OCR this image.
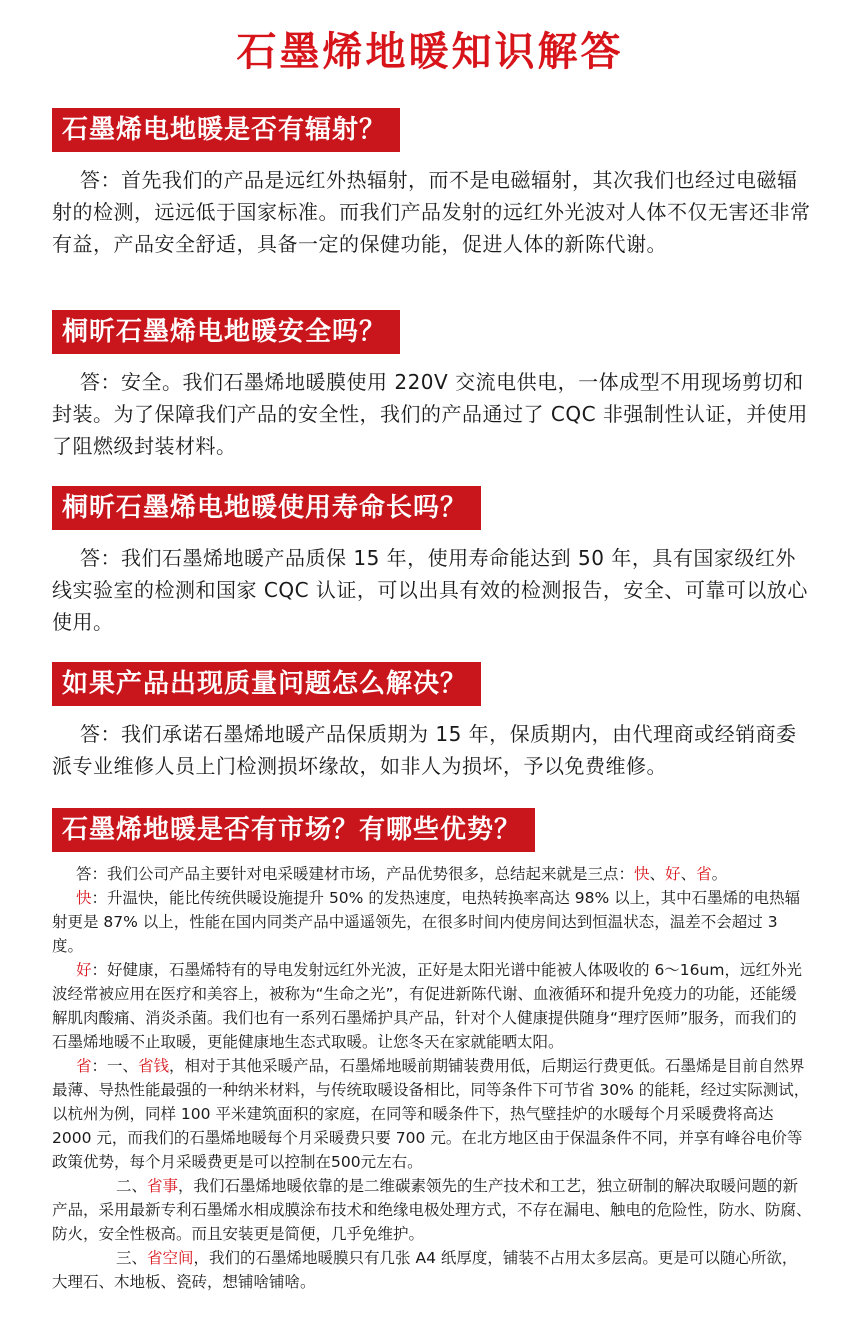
石墨烯地暖知识解答
石墨烯电地暖是否有辐射？

答：首先我们的产品是远红外热辐射，而不是电磁辐射，其次我们也经过电磁辐射的检测，远远低于国家标准。而我们产品发射的远红外光波对人体不仅无害还非常有益，产品安全舒适，具备一定的保健功能，促进人体的新陈代谢。

桐昕石墨烯电地暖安全吗？

答：安全。我们石墨烯地暖膜使用 220V 交流电供电，一体成型不用现场剪切和封装。为了保障我们产品的安全性，我们的产品通过了 CQC 非强制性认证，并使用了阻燃级封装材料。

桐昕石墨烯电地暖使用寿命长吗？

答：我们石墨烯地暖产品质保 15 年，使用寿命能达到 50 年，具有国家级红外线实验室的检测和国家 CQC 认证，可以出具有效的检测报告，安全、可靠可以放心使用。

如果产品出现质量问题怎么解决？

答：我们承诺石墨烯地暖产品保质期为 15 年，保质期内，由代理商或经销商委派专业维修人员上门检测损坏缘故，如非人为损坏，予以免费维修。

石墨烯地暖是否有市场？有哪些优势？

答：我们公司产品主要针对电采暖建材市场，产品优势很多，总结起来就是三点：快、好、省。

快：升温快，能比传统供暖设施提升 50% 的发热速度，电热转换率高达 98% 以上，其中石墨烯的电热辐射更是 87% 以上，性能在国内同类产品中遥遥领先，在很多时间内使房间达到恒温状态，温差不会超过 3 度。

好：好健康，石墨烯特有的导电发射远红外光波，正好是太阳光谱中能被人体吸收的 6～16um，远红外光波经常被应用在医疗和美容上，被称为“生命之光”，有促进新陈代谢、血液循环和提升免疫力的功能，还能缓解肌肉酸痛、消炎杀菌。我们也有一系列石墨烯护具产品，针对个人健康提供随身“理疗医师”服务，而我们的石墨烯地暖不止取暖，更能健康地生态式取暖。让您冬天在家就能晒太阳。

省：一、省钱，相对于其他采暖产品，石墨烯地暖前期铺装费用低，后期运行费更低。石墨烯是目前自然界最薄、导热性能最强的一种纳米材料，与传统取暖设备相比，同等条件下可节省 30% 的能耗，经过实际测试，以杭州为例，同样 100 平米建筑面积的家庭，在同等和暖条件下，热气壁挂炉的水暖每个月采暖费将高达 2000 元，而我们的石墨烯地暖每个月采暖费只要 700 元。在北方地区由于保温条件不同，并享有峰谷电价等政策优势，每个月采暖费更是可以控制在500元左右。

二、省事，我们石墨烯地暖依靠的是二维碳素领先的生产技术和工艺，独立研制的解决取暖问题的新产品，采用最新专利石墨烯水相成膜涂布技术和绝缘电极处理方式，不存在漏电、触电的危险性，防水、防腐、防火，安全性极高。而且安装更是简便，几乎免维护。

三、省空间，我们的石墨烯地暖膜只有几张 A4 纸厚度，铺装不占用太多层高。更是可以随心所欲，大理石、木地板、瓷砖，想铺啥铺啥。
